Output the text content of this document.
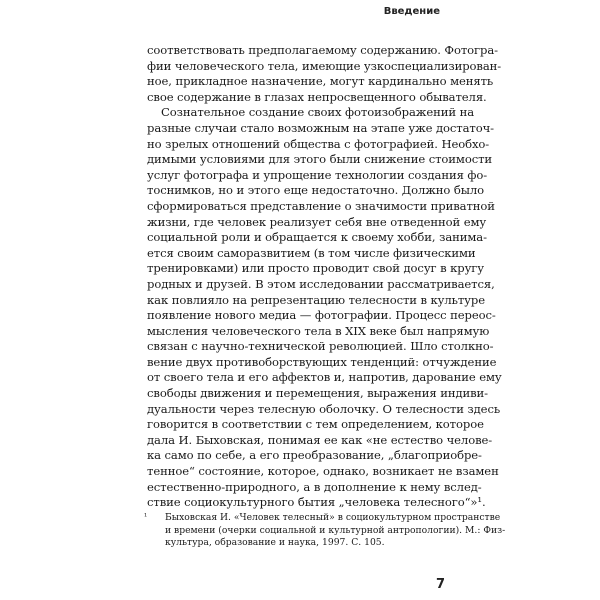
Введение
соответствовать предполагаемому содержанию. Фотогра-
фии человеческого тела, имеющие узкоспециализирован-
ное, прикладное назначение, могут кардинально менять
свое содержание в глазах непросвещенного обывателя.
Сознательное создание своих фотоизображений на
разные случаи стало возможным на этапе уже достаточ-
но зрелых отношений общества с фотографией. Необхо-
димыми условиями для этого были снижение стоимости
услуг фотографа и упрощение технологии создания фо-
тоснимков, но и этого еще недостаточно. Должно было
сформироваться представление о значимости приватной
жизни, где человек реализует себя вне отведенной ему
социальной роли и обращается к своему хобби, занима-
ется своим саморазвитием (в том числе физическими
тренировками) или просто проводит свой досуг в кругу
родных и друзей. В этом исследовании рассматривается,
как повлияло на репрезентацию телесности в культуре
появление нового медиа — фотографии. Процесс переос-
мысления человеческого тела в XIX веке был напрямую
связан с научно-технической революцией. Шло столкно-
вение двух противоборствующих тенденций: отчуждение
от своего тела и его аффектов и, напротив, дарование ему
свободы движения и перемещения, выражения индиви-
дуальности через телесную оболочку. О телесности здесь
говорится в соответствии с тем определением, которое
дала И. Быховская, понимая ее как «не естество челове-
ка само по себе, а его преобразование, „благоприобре-
тенное“ состояние, которое, однако, возникает не взамен
естественно-природного, а в дополнение к нему вслед-
ствие социокультурного бытия „человека телесного“»¹.
¹	Быховская И. «Человек телесный» в социокультурном пространстве
и времени (очерки социальной и культурной антропологии). М.: Физ-
культура, образование и наука, 1997. С. 105.
7
